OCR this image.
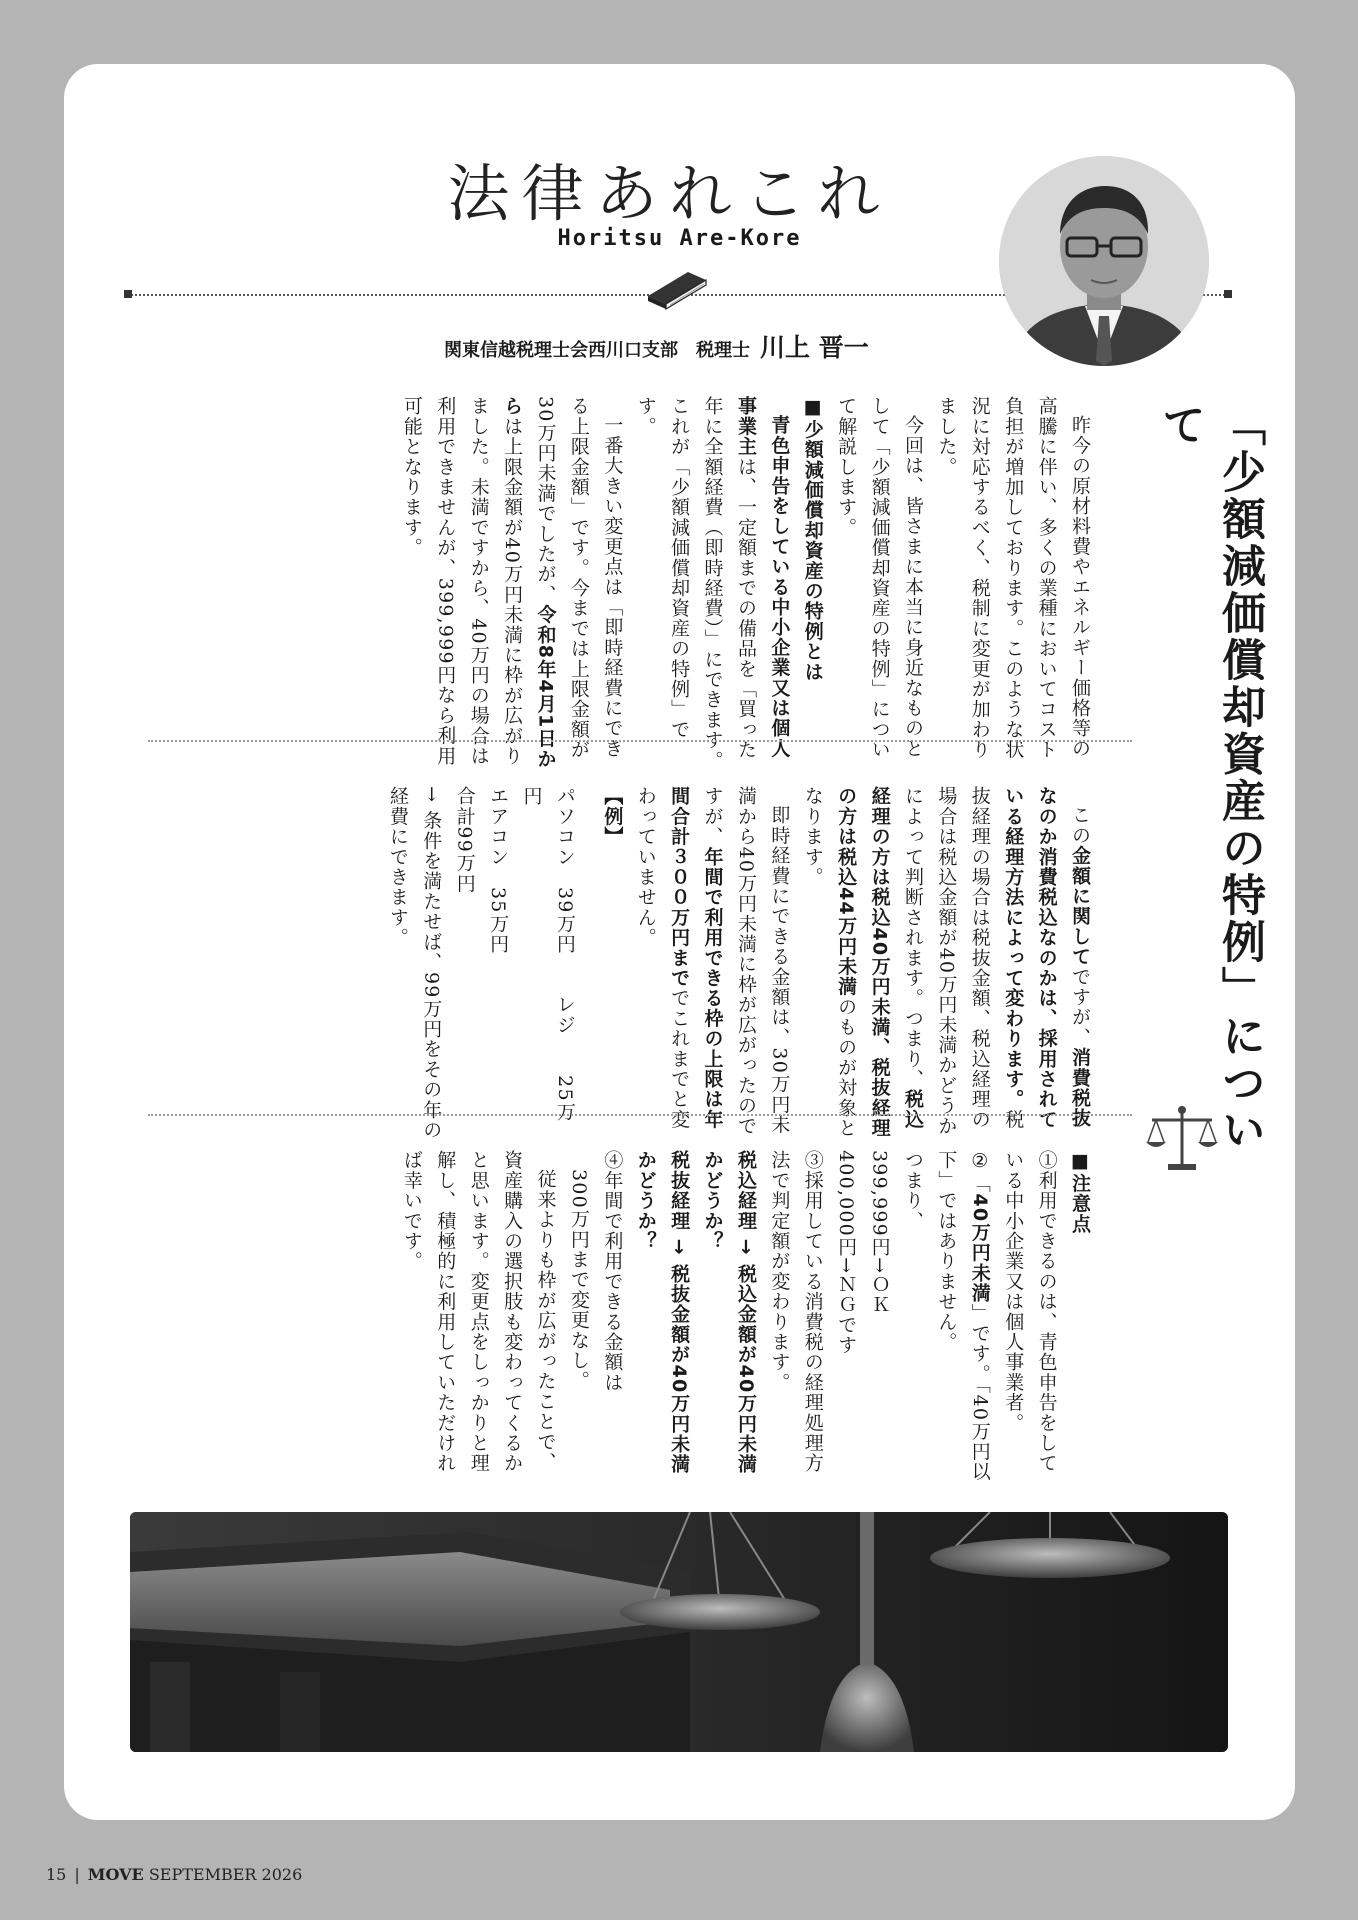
法律あれこれ
Horitsu Are-Kore
関東信越税理士会西川口支部　税理士 川上 晋一
「少額減価償却資産の特例」について
昨今の原材料費やエネルギー価格等の高騰に伴い、多くの業種においてコスト負担が増加しております。このような状況に対応するべく、税制に変更が加わりました。
今回は、皆さまに本当に身近なものとして「少額減価償却資産の特例」について解説します。
■少額減価償却資産の特例とは
青色申告をしている中小企業又は個人事業主は、一定額までの備品を「買った年に全額経費（即時経費）」にできます。これが「少額減価償却資産の特例」です。
一番大きい変更点は「即時経費にできる上限金額」です。今までは上限金額が30万円未満でしたが、令和8年4月1日からは上限金額が40万円未満に枠が広がりました。未満ですから、40万円の場合は利用できませんが、399,999円なら利用可能となります。
この金額に関してですが、消費税抜なのか消費税込なのかは、採用されている経理方法によって変わります。税抜経理の場合は税抜金額、税込経理の場合は税込金額が40万円未満かどうかによって判断されます。つまり、税込経理の方は税込40万円未満、税抜経理の方は税込44万円未満のものが対象となります。
即時経費にできる金額は、30万円未満から40万円未満に枠が広がったのですが、年間で利用できる枠の上限は年間合計３００万円まででこれまでと変わっていません。
【例】
パソコン　39万円　　レジ　　25万円
エアコン　35万円
合計99万円
→ 条件を満たせば、99万円をその年の経費にできます。
■注意点
①利用できるのは、青色申告をしている中小企業又は個人事業者。
②「40万円未満」です。「40万円以下」ではありません。
つまり、
399,999円→ＯＫ
400,000円→ＮＧです
③採用している消費税の経理処理方法で判定額が変わります。
税込経理 → 税込金額が40万円未満かどうか？
税抜経理 → 税抜金額が40万円未満かどうか？
④年間で利用できる金額は
300万円まで変更なし。
従来よりも枠が広がったことで、資産購入の選択肢も変わってくるかと思います。変更点をしっかりと理解し、積極的に利用していただければ幸いです。
15 | MOVE SEPTEMBER 2026
